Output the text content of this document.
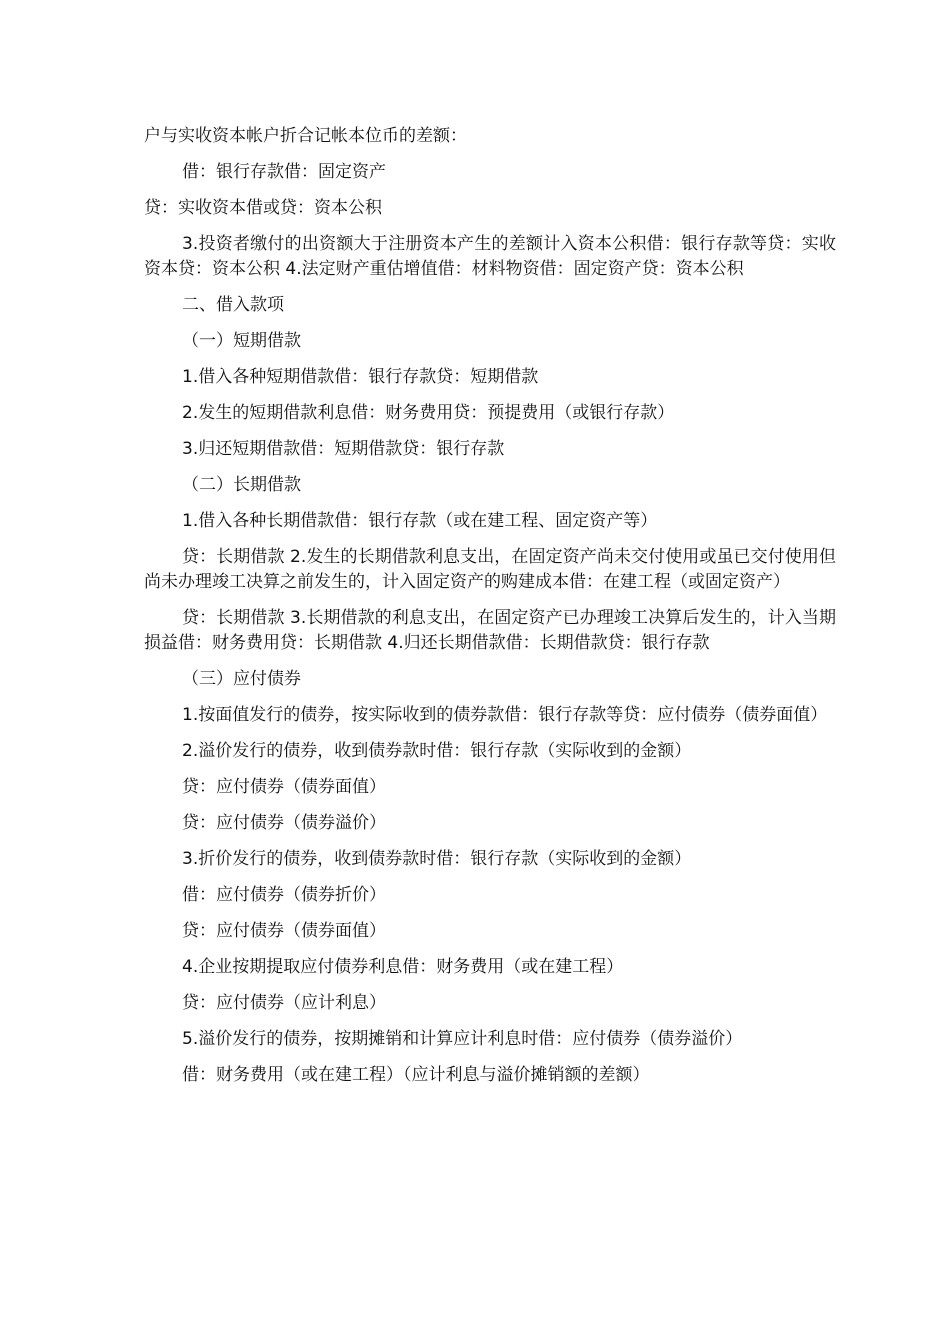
户与实收资本帐户折合记帐本位币的差额：

借：银行存款借：固定资产

贷：实收资本借或贷：资本公积

3.投资者缴付的出资额大于注册资本产生的差额计入资本公积借：银行存款等贷：实收资本贷：资本公积 4.法定财产重估增值借：材料物资借：固定资产贷：资本公积

二、借入款项

（一）短期借款

1.借入各种短期借款借：银行存款贷：短期借款

2.发生的短期借款利息借：财务费用贷：预提费用（或银行存款）

3.归还短期借款借：短期借款贷：银行存款

（二）长期借款

1.借入各种长期借款借：银行存款（或在建工程、固定资产等）

贷：长期借款 2.发生的长期借款利息支出，在固定资产尚未交付使用或虽已交付使用但尚未办理竣工决算之前发生的，计入固定资产的购建成本借：在建工程（或固定资产）

贷：长期借款 3.长期借款的利息支出，在固定资产已办理竣工决算后发生的，计入当期损益借：财务费用贷：长期借款 4.归还长期借款借：长期借款贷：银行存款

（三）应付债券

1.按面值发行的债券，按实际收到的债券款借：银行存款等贷：应付债券（债券面值）

2.溢价发行的债券，收到债券款时借：银行存款（实际收到的金额）

贷：应付债券（债券面值）

贷：应付债券（债券溢价）

3.折价发行的债券，收到债券款时借：银行存款（实际收到的金额）

借：应付债券（债券折价）

贷：应付债券（债券面值）

4.企业按期提取应付债券利息借：财务费用（或在建工程）

贷：应付债券（应计利息）

5.溢价发行的债券，按期摊销和计算应计利息时借：应付债券（债券溢价）

借：财务费用（或在建工程）（应计利息与溢价摊销额的差额）
